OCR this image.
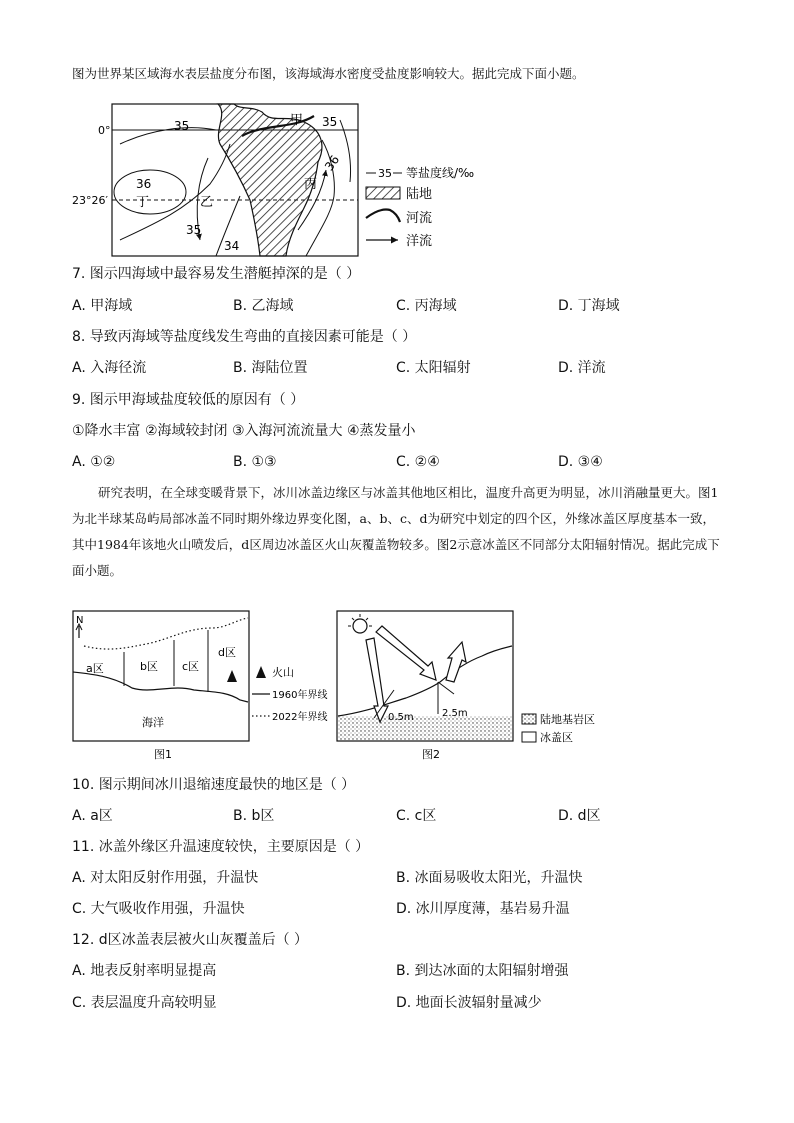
图为世界某区域海水表层盐度分布图，该海域海水密度受盐度影响较大。据此完成下面小题。
0°
23°26′
35	35
36
36
35
34
甲
乙
丙
丁
35 等盐度线/‰
陆地
河流
洋流
7. 图示四海域中最容易发生潜艇掉深的是（ ）
A. 甲海域	B. 乙海域	C. 丙海域	D. 丁海域
8. 导致丙海域等盐度线发生弯曲的直接因素可能是（ ）
A. 入海径流	B. 海陆位置	C. 太阳辐射	D. 洋流
9. 图示甲海域盐度较低的原因有（ ）
①降水丰富 ②海域较封闭 ③入海河流流量大 ④蒸发量小
A. ①②	B. ①③	C. ②④	D. ③④
研究表明，在全球变暖背景下，冰川冰盖边缘区与冰盖其他地区相比，温度升高更为明显，冰川消融量更大。图1为北半球某岛屿局部冰盖不同时期外缘边界变化图，a、b、c、d为研究中划定的四个区，外缘冰盖区厚度基本一致，其中1984年该地火山喷发后，d区周边冰盖区火山灰覆盖物较多。图2示意冰盖区不同部分太阳辐射情况。据此完成下面小题。
N
a区	b区 c区
d区
海洋
火山
1960年界线
2022年界线
图1
0.5m	2.5m	陆地基岩区
冰盖区
图2
10. 图示期间冰川退缩速度最快的地区是（ ）
A. a区	B. b区	C. c区	D. d区
11. 冰盖外缘区升温速度较快，主要原因是（ ）
A. 对太阳反射作用强，升温快	B. 冰面易吸收太阳光，升温快
C. 大气吸收作用强，升温快	D. 冰川厚度薄，基岩易升温
12. d区冰盖表层被火山灰覆盖后（ ）
A. 地表反射率明显提高	B. 到达冰面的太阳辐射增强
C. 表层温度升高较明显	D. 地面长波辐射量减少
